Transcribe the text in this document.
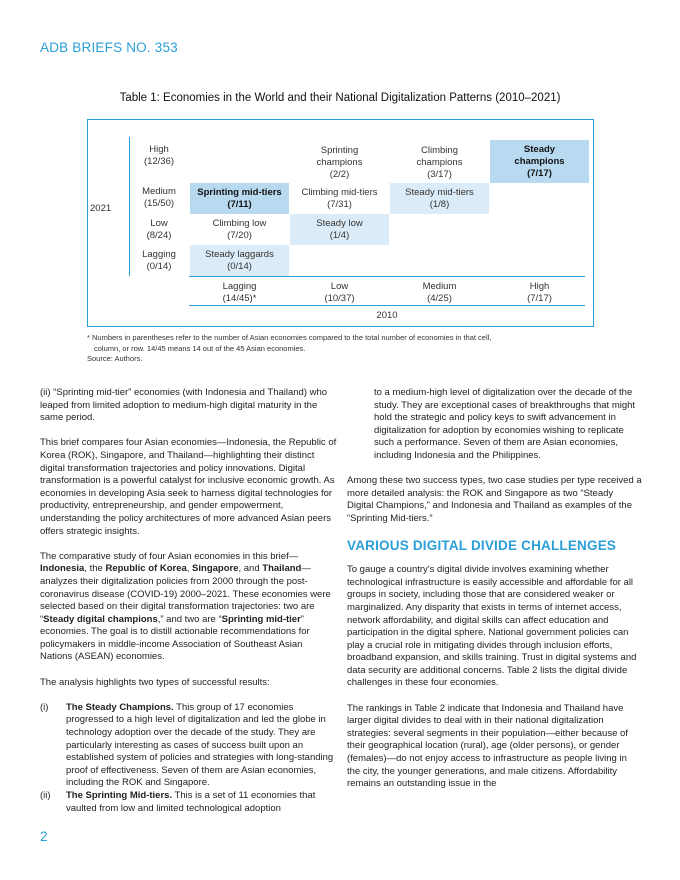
ADB BRIEFS NO. 353
Table 1: Economies in the World and their National Digitalization Patterns (2010–2021)
2021
High
(12/36)
Medium
(15/50)
Low
(8/24)
Lagging
(0/14)
Sprinting
champions
(2/2)
Climbing
champions
(3/17)
Steady
champions
(7/17)
Sprinting mid-tiers
(7/11)
Climbing mid-tiers
(7/31)
Steady mid-tiers
(1/8)
Climbing low
(7/20)
Steady low
(1/4)
Steady laggards
(0/14)
Lagging
(14/45)*
Low
(10/37)
Medium
(4/25)
High
(7/17)
2010
* Numbers in parentheses refer to the number of Asian economies compared to the total number of economies in that cell,
column, or row. 14/45 means 14 out of the 45 Asian economies.
Source: Authors.

(ii) “Sprinting mid-tier” economies (with Indonesia and Thailand) who leaped from limited adoption to medium-high digital maturity in the same period.

This brief compares four Asian economies—Indonesia, the Republic of Korea (ROK), Singapore, and Thailand—highlighting their distinct digital transformation trajectories and policy innovations. Digital transformation is a powerful catalyst for inclusive economic growth. As economies in developing Asia seek to harness digital technologies for productivity, entrepreneurship, and gender empowerment, understanding the policy architectures of more advanced Asian peers offers strategic insights.

The comparative study of four Asian economies in this brief—Indonesia, the Republic of Korea, Singapore, and Thailand—analyzes their digitalization policies from 2000 through the post-coronavirus disease (COVID-19) 2000–2021. These economies were selected based on their digital transformation trajectories: two are “Steady digital champions,” and two are “Sprinting mid-tier” economies. The goal is to distill actionable recommendations for policymakers in middle-income Association of Southeast Asian Nations (ASEAN) economies.

The analysis highlights two types of successful results:

(i) The Steady Champions. This group of 17 economies progressed to a high level of digitalization and led the globe in technology adoption over the decade of the study. They are particularly interesting as cases of success built upon an established system of policies and strategies with long-standing proof of effectiveness. Seven of them are Asian economies, including the ROK and Singapore.
(ii) The Sprinting Mid-tiers. This is a set of 11 economies that vaulted from low and limited technological adoption

to a medium-high level of digitalization over the decade of the study. They are exceptional cases of breakthroughs that might hold the strategic and policy keys to swift advancement in digitalization for adoption by economies wishing to replicate such a performance. Seven of them are Asian economies, including Indonesia and the Philippines.

Among these two success types, two case studies per type received a more detailed analysis: the ROK and Singapore as two “Steady Digital Champions,” and Indonesia and Thailand as examples of the “Sprinting Mid-tiers.”

VARIOUS DIGITAL DIVIDE CHALLENGES

To gauge a country's digital divide involves examining whether technological infrastructure is easily accessible and affordable for all groups in society, including those that are considered weaker or marginalized. Any disparity that exists in terms of internet access, network affordability, and digital skills can affect education and participation in the digital sphere. National government policies can play a crucial role in mitigating divides through inclusion efforts, broadband expansion, and skills training. Trust in digital systems and data security are additional concerns. Table 2 lists the digital divide challenges in these four economies.

The rankings in Table 2 indicate that Indonesia and Thailand have larger digital divides to deal with in their national digitalization strategies: several segments in their population—either because of their geographical location (rural), age (older persons), or gender (females)—do not enjoy access to infrastructure as people living in the city, the younger generations, and male citizens. Affordability remains an outstanding issue in the

2
